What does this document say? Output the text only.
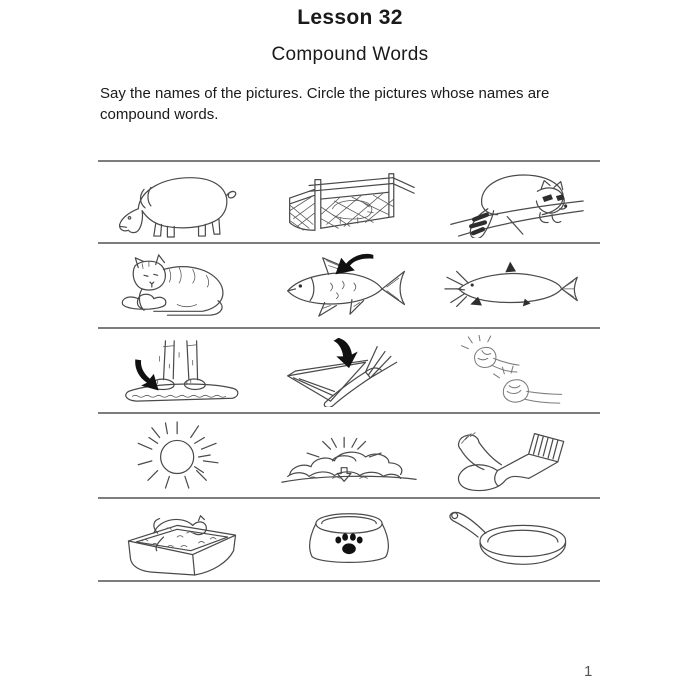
Lesson 32
Compound Words
Say the names of the pictures. Circle the pictures whose names are compound words.
1
